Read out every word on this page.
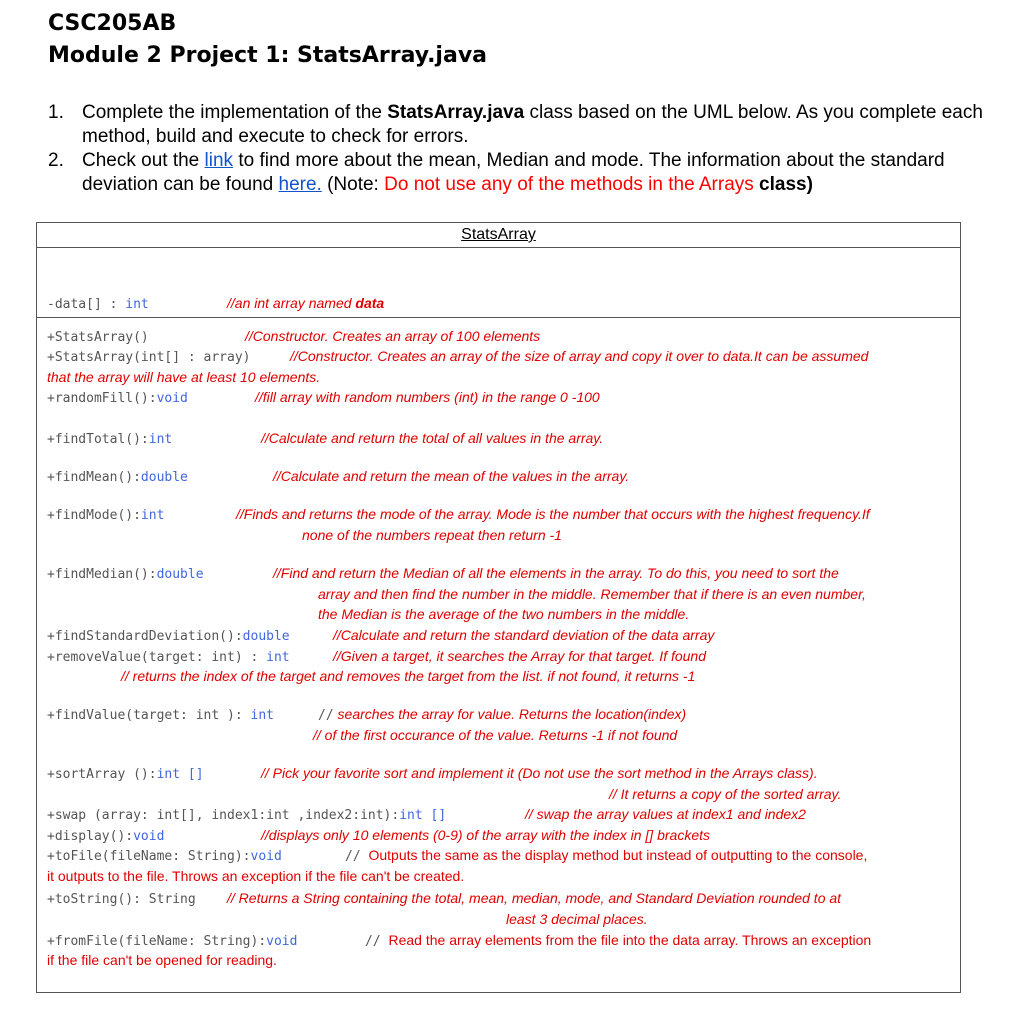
CSC205AB
Module 2 Project 1: StatsArray.java
1. Complete the implementation of the StatsArray.java class based on the UML below. As you complete each method, build and execute to check for errors.
2. Check out the link to find more about the mean, Median and mode. The information about the standard deviation can be found here. (Note: Do not use any of the methods in the Arrays class)
StatsArray
-data[] : int	//an int array named data
+StatsArray()	//Constructor. Creates an array of 100 elements
+StatsArray(int[] : array)	//Constructor. Creates an array of the size of array and copy it over to data.It can be assumed
that the array will have at least 10 elements.
+randomFill():void	//fill array with random numbers (int) in the range 0 -100
+findTotal():int	//Calculate and return the total of all values in the array.
+findMean():double	//Calculate and return the mean of the values in the array.
+findMode():int	//Finds and returns the mode of the array. Mode is the number that occurs with the highest frequency.If
none of the numbers repeat then return -1
+findMedian():double	//Find and return the Median of all the elements in the array. To do this, you need to sort the
array and then find the number in the middle. Remember that if there is an even number,
the Median is the average of the two numbers in the middle.
+findStandardDeviation():double	//Calculate and return the standard deviation of the data array
+removeValue(target: int) : int	//Given a target, it searches the Array for that target. If found
// returns the index of the target and removes the target from the list. if not found, it returns -1
+findValue(target: int ): int	// searches the array for value. Returns the location(index)
// of the first occurance of the value. Returns -1 if not found
+sortArray ():int []	// Pick your favorite sort and implement it (Do not use the sort method in the Arrays class).
// It returns a copy of the sorted array.
+swap (array: int[], index1:int ,index2:int):int []	// swap the array values at index1 and index2
+display():void	//displays only 10 elements (0-9) of the array with the index in [] brackets
+toFile(fileName: String):void	// Outputs the same as the display method but instead of outputting to the console,
it outputs to the file. Throws an exception if the file can't be created.
+toString(): String // Returns a String containing the total, mean, median, mode, and Standard Deviation rounded to at
least 3 decimal places.
+fromFile(fileName: String):void	// Read the array elements from the file into the data array. Throws an exception
if the file can't be opened for reading.
